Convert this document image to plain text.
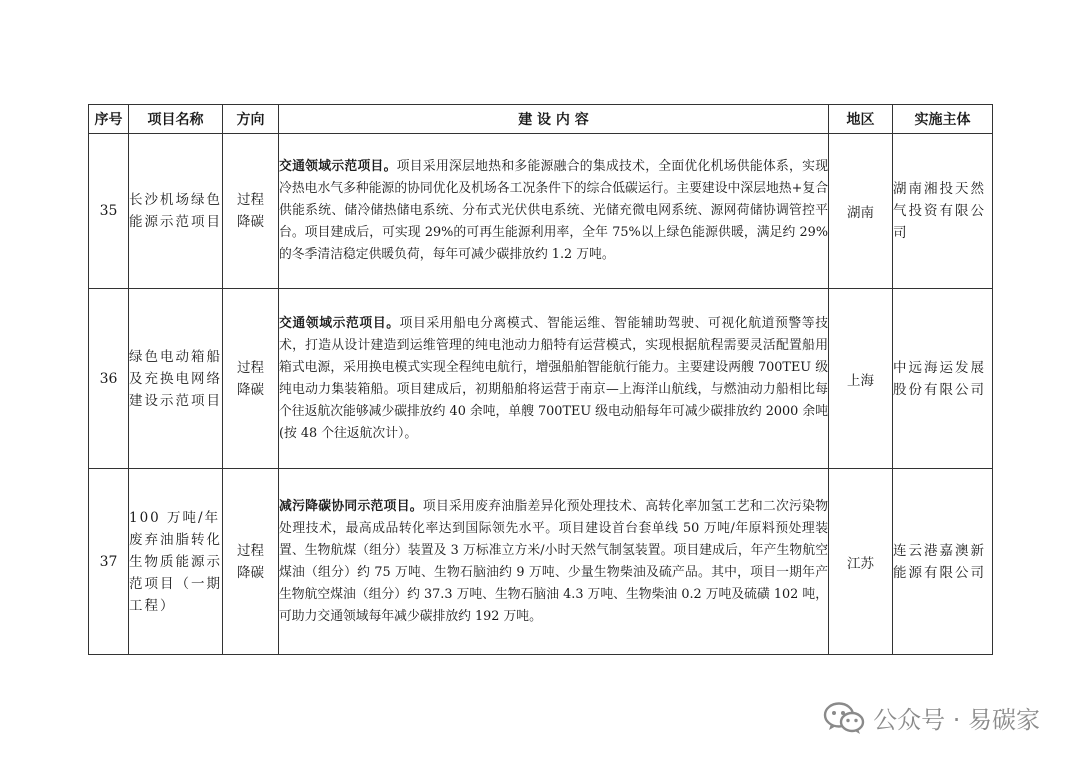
序号	项目名称	方向	建 设 内 容	地区	实施主体
35	长沙机场绿色能源示范项目	过程降碳	交通领域示范项目。项目采用深层地热和多能源融合的集成技术，全面优化机场供能体系，实现冷热电水气多种能源的协同优化及机场各工况条件下的综合低碳运行。主要建设中深层地热+复合供能系统、储冷储热储电系统、分布式光伏供电系统、光储充微电网系统、源网荷储协调管控平台。项目建成后，可实现 29%的可再生能源利用率，全年 75%以上绿色能源供暖，满足约 29%的冬季清洁稳定供暖负荷，每年可减少碳排放约 1.2 万吨。	湖南	湖南湘投天然气投资有限公司
36	绿色电动箱船及充换电网络建设示范项目	过程降碳	交通领域示范项目。项目采用船电分离模式、智能运维、智能辅助驾驶、可视化航道预警等技术，打造从设计建造到运维管理的纯电池动力船特有运营模式，实现根据航程需要灵活配置船用箱式电源，采用换电模式实现全程纯电航行，增强船舶智能航行能力。主要建设两艘 700TEU 级纯电动力集装箱船。项目建成后，初期船舶将运营于南京—上海洋山航线，与燃油动力船相比每个往返航次能够减少碳排放约 40 余吨，单艘 700TEU 级电动船每年可减少碳排放约 2000 余吨(按 48 个往返航次计）。	上海	中远海运发展股份有限公司
37	100 万吨/年废弃油脂转化生物质能源示范项目（一期工程）	过程降碳	减污降碳协同示范项目。项目采用废弃油脂差异化预处理技术、高转化率加氢工艺和二次污染物处理技术，最高成品转化率达到国际领先水平。项目建设首台套单线 50 万吨/年原料预处理装置、生物航煤（组分）装置及 3 万标准立方米/小时天然气制氢装置。项目建成后，年产生物航空煤油（组分）约 75 万吨、生物石脑油约 9 万吨、少量生物柴油及硫产品。其中，项目一期年产生物航空煤油（组分）约 37.3 万吨、生物石脑油 4.3 万吨、生物柴油 0.2 万吨及硫磺 102 吨，可助力交通领域每年减少碳排放约 192 万吨。	江苏	连云港嘉澳新能源有限公司
公众号 · 易碳家
